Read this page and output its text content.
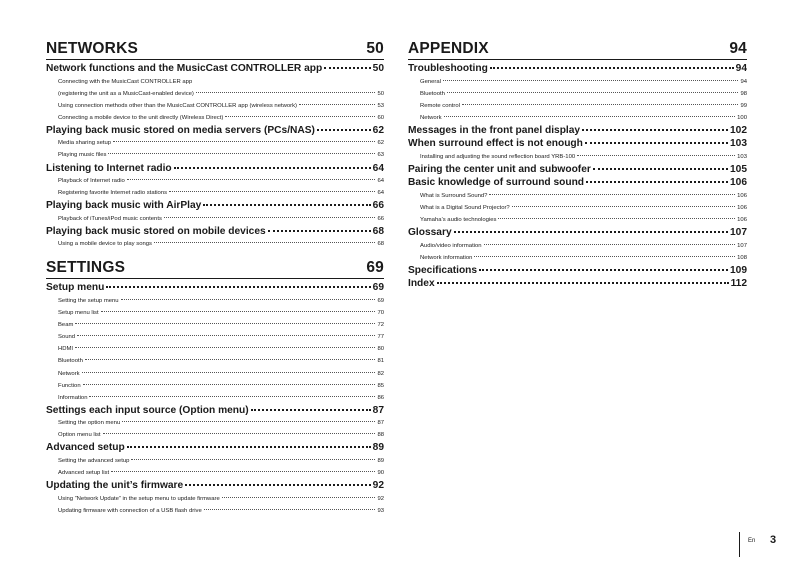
NETWORKS	50
Network functions and the MusicCast CONTROLLER app	50
Connecting with the MusicCast CONTROLLER app
(registering the unit as a MusicCast-enabled device)	50
Using connection methods other than the MusicCast CONTROLLER app (wireless network)	53
Connecting a mobile device to the unit directly (Wireless Direct)	60
Playing back music stored on media servers (PCs/NAS)	62
Media sharing setup	62
Playing music files	63
Listening to Internet radio	64
Playback of Internet radio	64
Registering favorite Internet radio stations	64
Playing back music with AirPlay	66
Playback of iTunes/iPod music contents	66
Playing back music stored on mobile devices	68
Using a mobile device to play songs	68
SETTINGS	69
Setup menu	69
Setting the setup menu	69
Setup menu list	70
Beam	72
Sound	77
HDMI	80
Bluetooth	81
Network	82
Function	85
Information	86
Settings each input source (Option menu)	87
Setting the option menu	87
Option menu list	88
Advanced setup	89
Setting the advanced setup	89
Advanced setup list	90
Updating the unit’s firmware	92
Using “Network Update” in the setup menu to update firmware	92
Updating firmware with connection of a USB flash drive	93
APPENDIX	94
Troubleshooting	94
General	94
Bluetooth	98
Remote control	99
Network	100
Messages in the front panel display	102
When surround effect is not enough	103
Installing and adjusting the sound reflection board YRB-100	103
Pairing the center unit and subwoofer	105
Basic knowledge of surround sound	106
What is Surround Sound?	106
What is a Digital Sound Projector?	106
Yamaha’s audio technologies	106
Glossary	107
Audio/video information	107
Network information	108
Specifications	109
Index	112
En 3
